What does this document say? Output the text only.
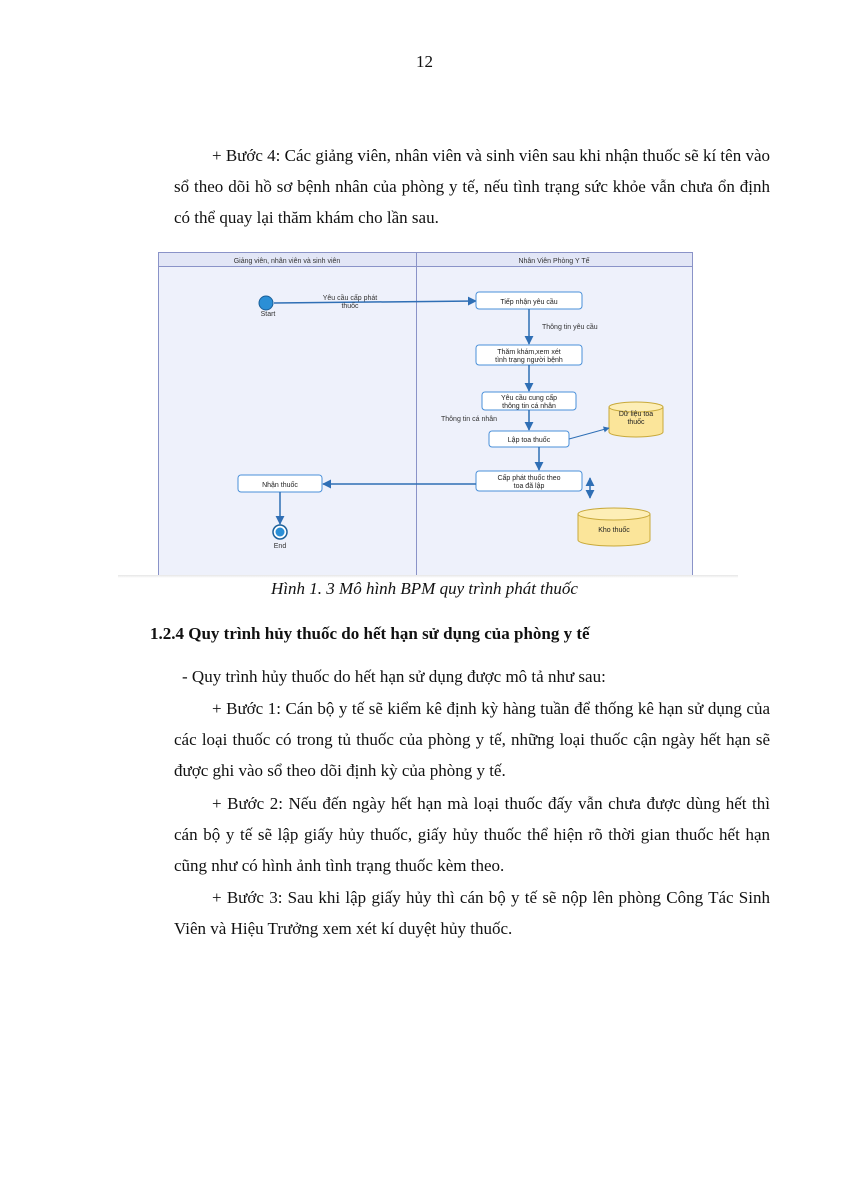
12

+ Bước 4: Các giảng viên, nhân viên và sinh viên sau khi nhận thuốc sẽ kí tên vào sổ theo dõi hồ sơ bệnh nhân của phòng y tế, nếu tình trạng sức khỏe vẫn chưa ổn định có thể quay lại thăm khám cho lần sau.

Giảng viên, nhân viên và sinh viên	Nhân Viên Phòng Y Tế
Start
Yêu cầu cấp phát
thuốc
Tiếp nhận yêu cầu
Thông tin yêu cầu
Thăm khám,xem xét
tình trạng người bệnh
Yêu cầu cung cấp
thông tin cá nhân
Thông tin cá nhân
Lập toa thuốc
Dữ liệu toa
thuốc
Cấp phát thuốc theo
toa đã lập
Kho thuốc
Nhận thuốc
End
Hình 1. 3 Mô hình BPM quy trình phát thuốc

1.2.4 Quy trình hủy thuốc do hết hạn sử dụng của phòng y tế

- Quy trình hủy thuốc do hết hạn sử dụng được mô tả như sau:

+ Bước 1: Cán bộ y tế sẽ kiểm kê định kỳ hàng tuần để thống kê hạn sử dụng của các loại thuốc có trong tủ thuốc của phòng y tế, những loại thuốc cận ngày hết hạn sẽ được ghi vào sổ theo dõi định kỳ của phòng y tế.

+ Bước 2: Nếu đến ngày hết hạn mà loại thuốc đấy vẫn chưa được dùng hết thì cán bộ y tế sẽ lập giấy hủy thuốc, giấy hủy thuốc thể hiện rõ thời gian thuốc hết hạn cũng như có hình ảnh tình trạng thuốc kèm theo.

+ Bước 3: Sau khi lập giấy hủy thì cán bộ y tế sẽ nộp lên phòng Công Tác Sinh Viên và Hiệu Trưởng xem xét kí duyệt hủy thuốc.
